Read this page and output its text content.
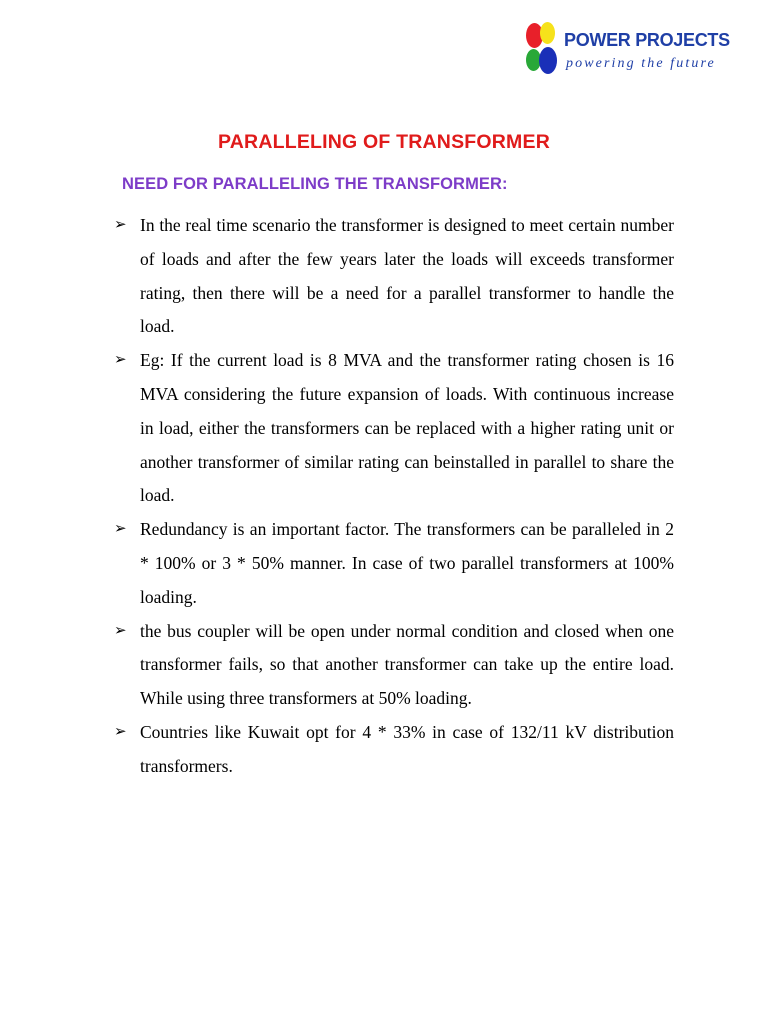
POWER PROJECTS
powering the future
PARALLELING OF TRANSFORMER
NEED FOR PARALLELING THE TRANSFORMER:
➢ In the real time scenario the transformer is designed to meet certain number of loads and after the few years later the loads will exceeds transformer rating, then there will be a need for a parallel transformer to handle the load.
➢ Eg: If the current load is 8 MVA and the transformer rating chosen is 16 MVA considering the future expansion of loads. With continuous increase in load, either the transformers can be replaced with a higher rating unit or another transformer of similar rating can beinstalled in parallel to share the load.
➢ Redundancy is an important factor. The transformers can be paralleled in 2 * 100% or 3 * 50% manner. In case of two parallel transformers at 100% loading.
➢ the bus coupler will be open under normal condition and closed when one transformer fails, so that another transformer can take up the entire load. While using three transformers at 50% loading.
➢ Countries like Kuwait opt for 4 * 33% in case of 132/11 kV distribution transformers.
